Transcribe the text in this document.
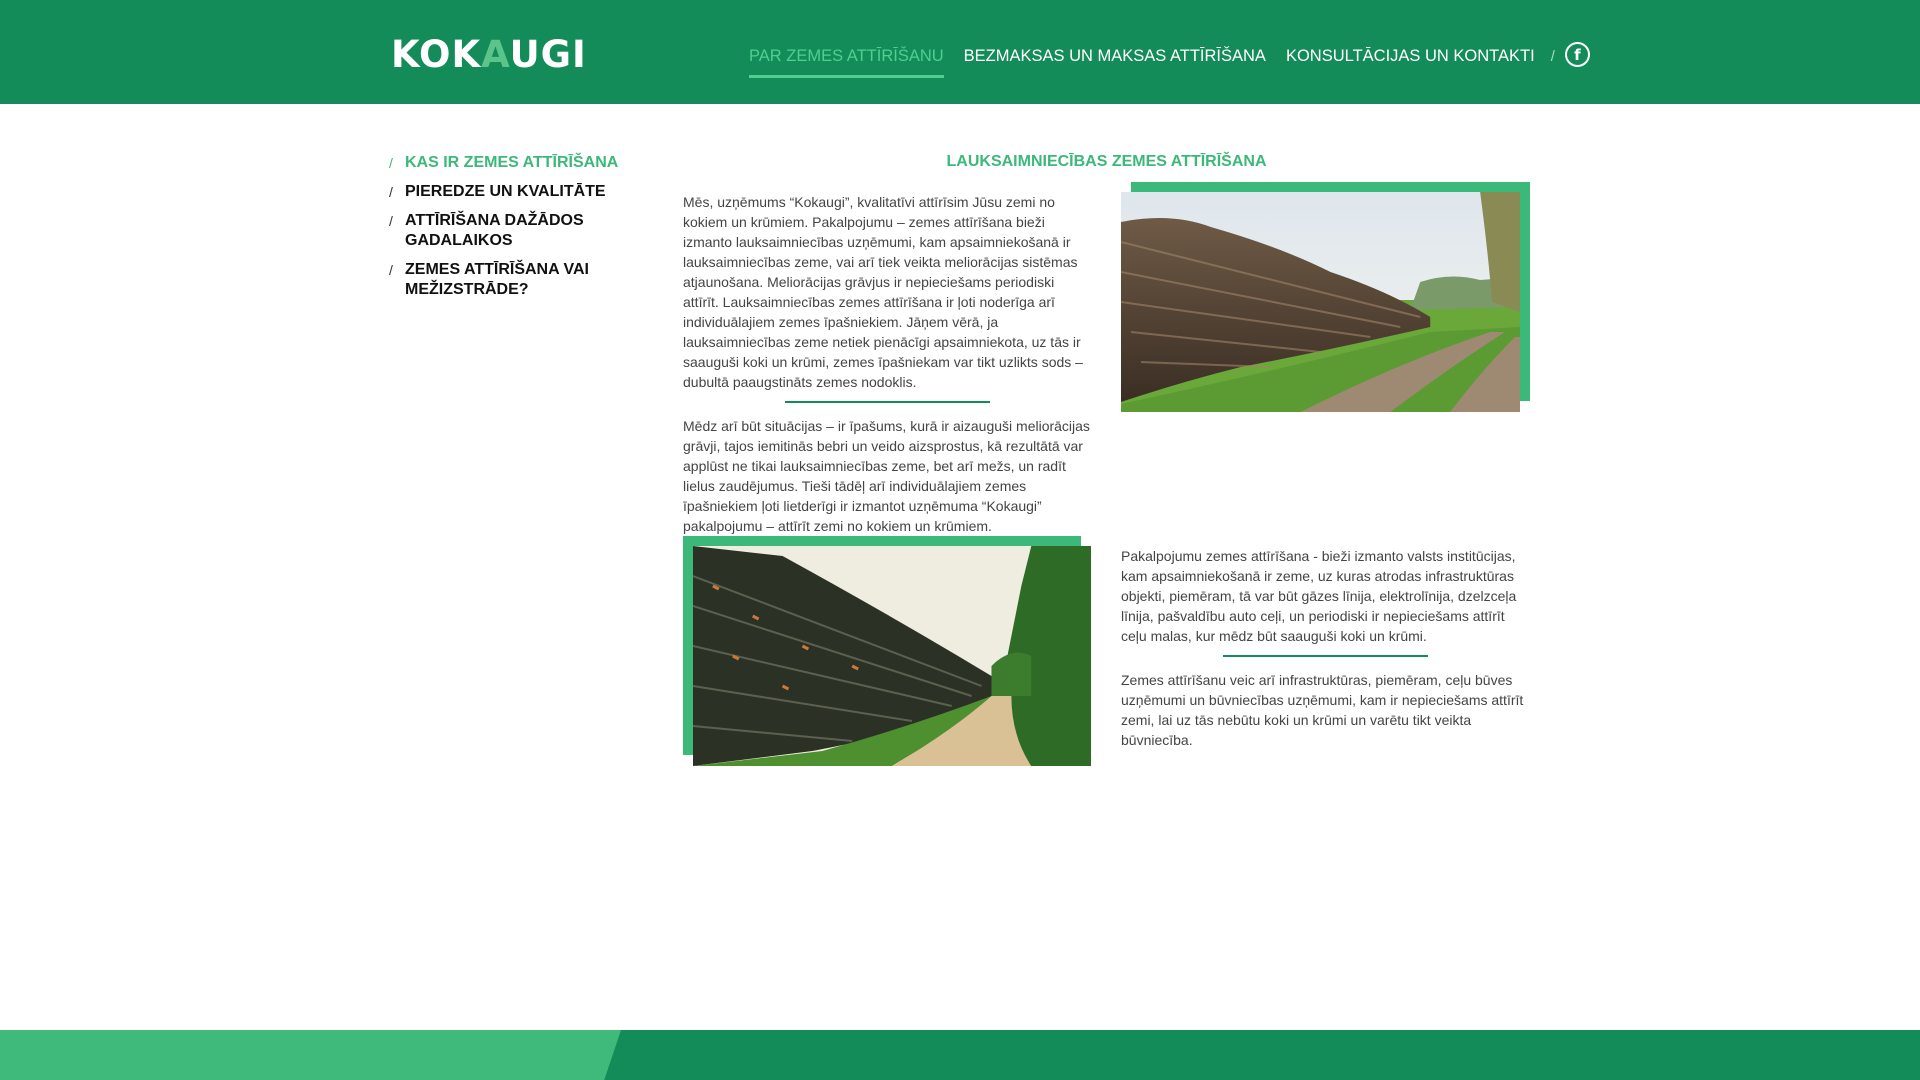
KOKAUGI	PAR ZEMES ATTĪRĪŠANU BEZMAKSAS UN MAKSAS ATTĪRĪŠANA KONSULTĀCIJAS UN KONTAKTI /	f
/ KAS IR ZEMES ATTĪRĪŠANA
/ PIEREDZE UN KVALITĀTE
/ ATTĪRĪŠANA DAŽĀDOS GADALAIKOS
/ ZEMES ATTĪRĪŠANA VAI MEŽIZSTRĀDE?
LAUKSAIMNIECĪBAS ZEMES ATTĪRĪŠANA

Mēs, uzņēmums “Kokaugi”, kvalitatīvi attīrīsim Jūsu zemi no kokiem un krūmiem. Pakalpojumu – zemes attīrīšana bieži izmanto lauksaimniecības uzņēmumi, kam apsaimniekošanā ir lauksaimniecības zeme, vai arī tiek veikta meliorācijas sistēmas atjaunošana. Meliorācijas grāvjus ir nepieciešams periodiski attīrīt. Lauksaimniecības zemes attīrīšana ir ļoti noderīga arī individuālajiem zemes īpašniekiem. Jāņem vērā, ja lauksaimniecības zeme netiek pienācīgi apsaimniekota, uz tās ir saauguši koki un krūmi, zemes īpašniekam var tikt uzlikts sods – dubultā paaugstināts zemes nodoklis.

Mēdz arī būt situācijas – ir īpašums, kurā ir aizauguši meliorācijas grāvji, tajos iemitinās bebri un veido aizsprostus, kā rezultātā var applūst ne tikai lauksaimniecības zeme, bet arī mežs, un radīt lielus zaudējumus. Tieši tādēļ arī individuālajiem zemes īpašniekiem ļoti lietderīgi ir izmantot uzņēmuma “Kokaugi” pakalpojumu – attīrīt zemi no kokiem un krūmiem.

Pakalpojumu zemes attīrīšana - bieži izmanto valsts institūcijas, kam apsaimniekošanā ir zeme, uz kuras atrodas infrastruktūras objekti, piemēram, tā var būt gāzes līnija, elektrolīnija, dzelzceļa līnija, pašvaldību auto ceļi, un periodiski ir nepieciešams attīrīt ceļu malas, kur mēdz būt saauguši koki un krūmi.

Zemes attīrīšanu veic arī infrastruktūras, piemēram, ceļu būves uzņēmumi un būvniecības uzņēmumi, kam ir nepieciešams attīrīt zemi, lai uz tās nebūtu koki un krūmi un varētu tikt veikta būvniecība.
